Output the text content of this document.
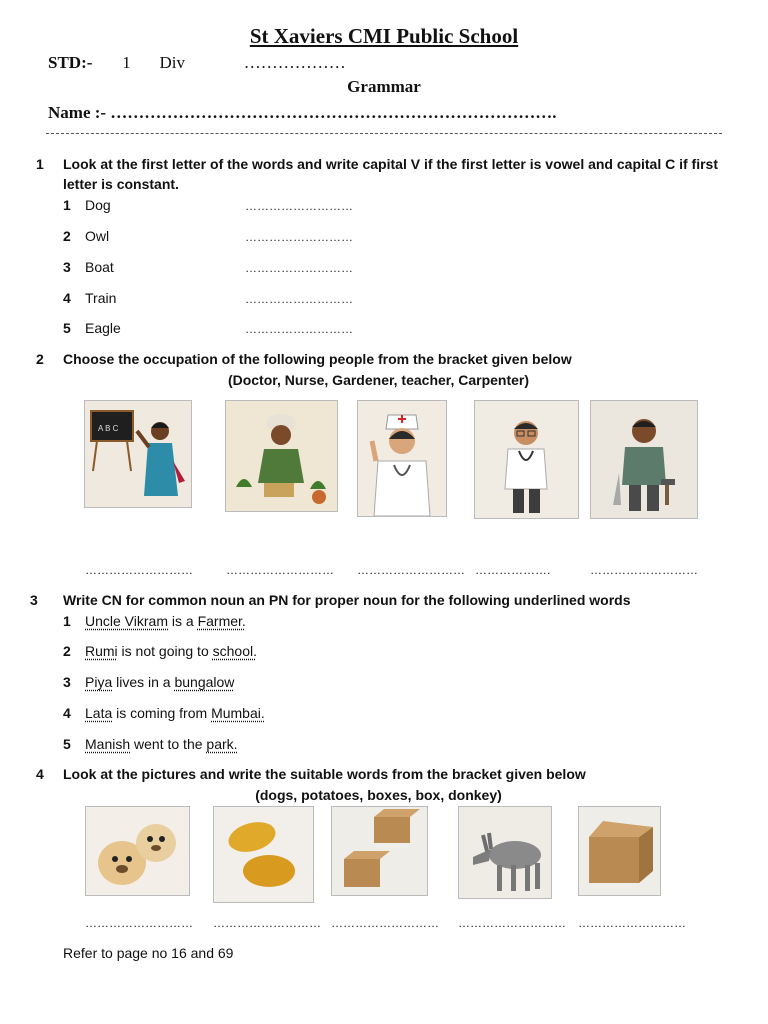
St Xaviers CMI Public School
STD:- 1 Div	………………
Grammar
Name :- …………………………………………………………………….
1 Look at the first letter of the words and write capital V if the first letter is vowel and capital C if first letter is constant.
1 Dog	………………………
2 Owl	………………………
3 Boat	………………………
4 Train	………………………
5 Eagle	………………………
2 Choose the occupation of the following people from the bracket given below
(Doctor, Nurse, Gardener, teacher, Carpenter)
A B C
………………………	……………………… ……………………… ……………….	………………………
3 Write CN for common noun an PN for proper noun for the following underlined words
1 Uncle Vikram is a Farmer.
2 Rumi is not going to school.
3 Piya lives in a bungalow
4 Lata is coming from Mumbai.
5 Manish went to the park.
4 Look at the pictures and write the suitable words from the bracket given below
(dogs, potatoes, boxes, box, donkey)
……………………… ……………………… ……………………… ……………………… ………………………
Refer to page no 16 and 69
